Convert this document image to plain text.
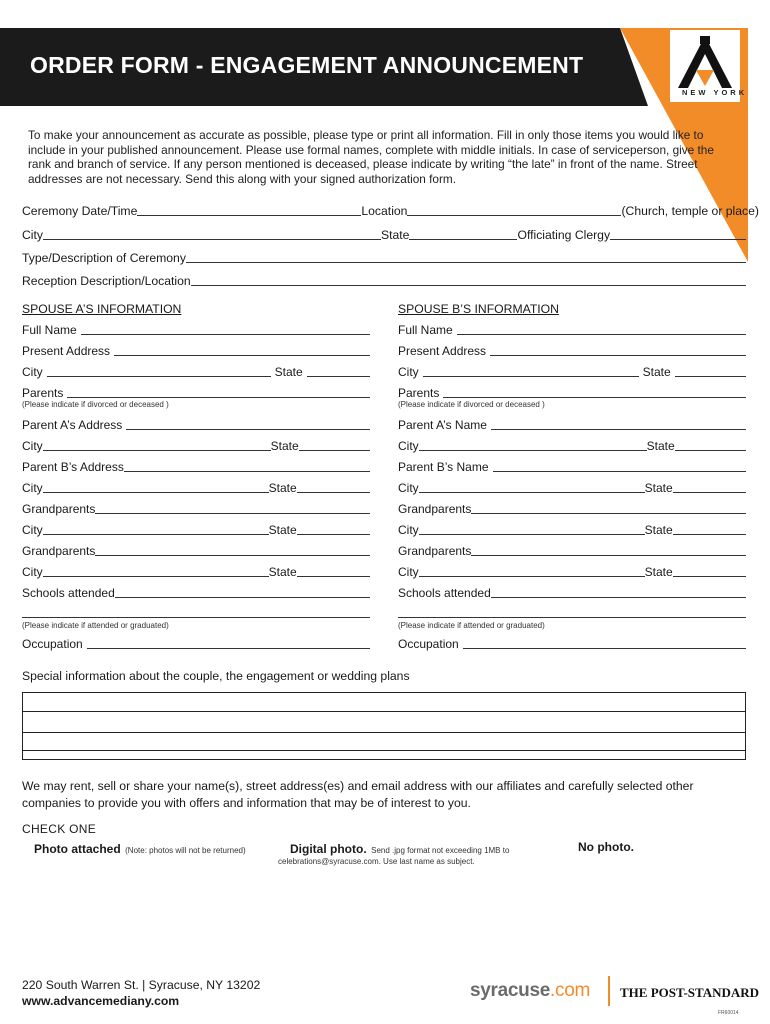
ORDER FORM - ENGAGEMENT ANNOUNCEMENT
NEW YORK
To make your announcement as accurate as possible, please type or print all information. Fill in only those items you would like to include in your published announcement. Please use formal names, complete with middle initials. In case of serviceperson, give the rank and branch of service. If any person mentioned is deceased, please indicate by writing “the late” in front of the name. Street addresses are not necessary. Send this along with your signed authorization form.
Ceremony Date/Time	Location	(Church, temple or place)
City	State	Officiating Clergy
Type/Description of Ceremony
Reception Description/Location
SPOUSE A’S INFORMATION
Full Name
Present Address
City	State
Parents
(Please indicate if divorced or deceased )
Parent A’s Address
City	State
Parent B’s Address
City	State
Grandparents
City	State
Grandparents
City	State
Schools attended
(Please indicate if attended or graduated)
Occupation
SPOUSE B’S INFORMATION
Full Name
Present Address
City	State
Parents
(Please indicate if divorced or deceased )
Parent A’s Name
City	State
Parent B’s Name
City	State
Grandparents
City	State
Grandparents
City	State
Schools attended
(Please indicate if attended or graduated)
Occupation
Special information about the couple, the engagement or wedding plans
We may rent, sell or share your name(s), street address(es) and email address with our affiliates and carefully selected other companies to provide you with offers and information that may be of interest to you.
CHECK ONE
Photo attached (Note: photos will not be returned)	Digital photo. Send .jpg format not exceeding 1MB to
celebrations@syracuse.com. Use last name as subject.
No photo.
220 South Warren St. | Syracuse, NY 13202
www.advancemediany.com	syracuse.com THE POST-STANDARD
FR60014
